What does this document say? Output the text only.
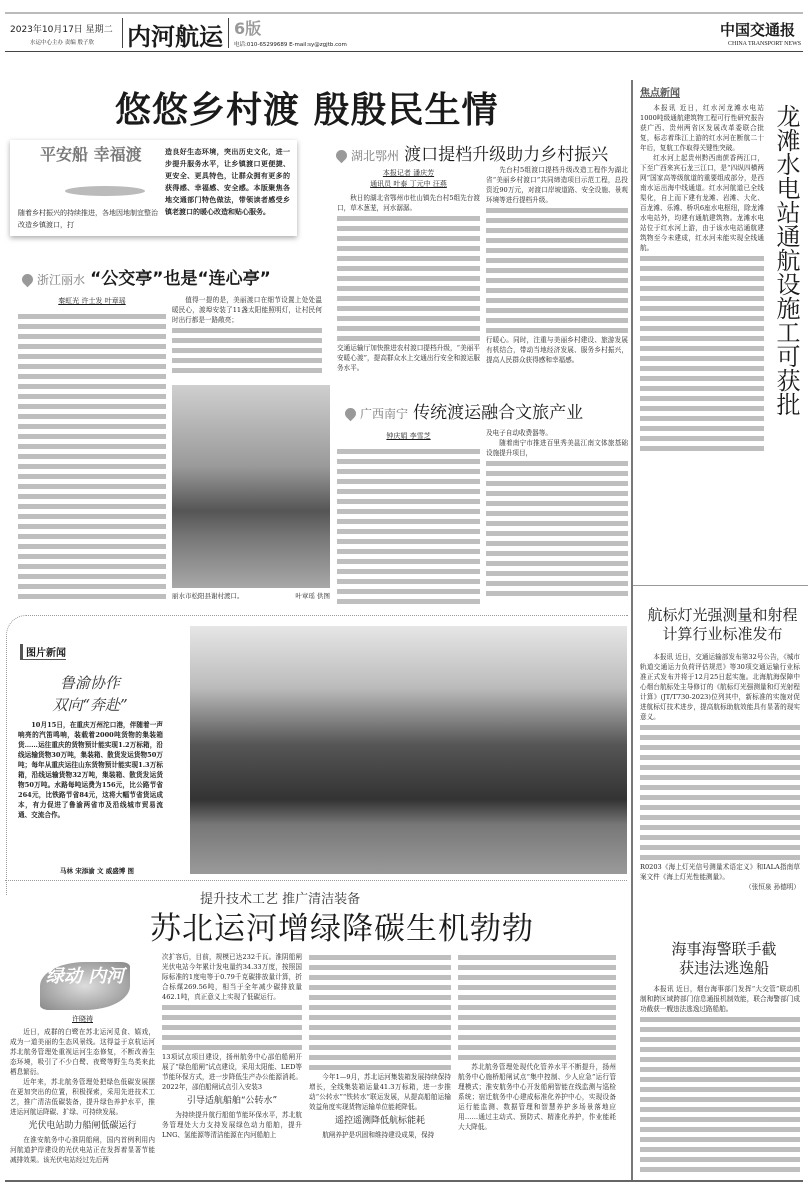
2023年10月17日 星期二
水运中心主办 责编 殷子欣 内河航运 6版
电话:010-65299689 E-mail:sy@zgjtb.com
中国交通报
CHINA TRANSPORT NEWS
悠悠乡村渡 殷殷民生情
平安船 幸福渡
随着乡村振兴的持续推进，各地因地制宜整治改造乡镇渡口，打
造良好生态环境，突出历史文化，进一步提升服务水平，让乡镇渡口更便捷、更安全、更具特色，让群众拥有更多的获得感、幸福感、安全感。本版聚焦各地交通部门特色做法，带领读者感受乡镇老渡口的暖心改造和贴心服务。
浙江丽水 “公交亭”也是“连心亭”
秦虹光 许士发 叶章瑶	值得一提的是，美丽渡口在细节设置上处处温暖民心，渡埠安装了11盏太阳能照明灯，让村民何时出行都是一路敞亮；

丽水市松阳县谢村渡口。	叶章瑶 供图
湖北鄂州 渡口提档升级助力乡村振兴
本报记者 潘庆芳
通讯员 叶泰 丁元中 汪燕

秋日的湖北省鄂州市杜山镇先台村5组先台渡口，草木葱茏，河水潺潺。

交通运输厅加快推进农村渡口提档升级，“美丽平安暖心渡”，提高群众水上交通出行安全和渡运服务水平。

先台村5组渡口提档升级改造工程作为湖北省“美丽乡村渡口”共同缔造项目示范工程，总投资近90万元，对渡口岸坡道路、安全设施、景观环境等进行提档升级。

行暖心。同时，注重与美丽乡村建设、旅游发展有机结合，带动当地经济发展、服务乡村振兴，提高人民群众获得感和幸福感。

广西南宁 传统渡运融合文旅产业
钟庆娟 李雪芝	及电子自动收费器等。

随着南宁市推进百里秀美邕江南文体旅基础设施提升项目，

图片新闻
鲁渝协作
双向“奔赴”

10月15日，在重庆万州沱口港，伴随着一声响亮的汽笛鸣响，装载着2000吨货物的集装箱货……运往重庆的货物预计能实现1.2万标箱，沿线运输货物30万吨，集装箱、散货发运货物50万吨；每年从重庆运往山东货物预计能实现1.3万标箱，沿线运输货物32万吨，集装箱、散货发运货物50万吨。水路每吨运费为156元，比公路节省264元，比铁路节省84元，这将大幅节省货运成本，有力促进了鲁渝两省市及沿线城市贸易流通、交流合作。

马林 宋添渝 文 威盛博 图
提升技术工艺 推广清洁装备
苏北运河增绿降碳生机勃勃
绿动 内河
许晓祷

近日，成群的白鹭在苏北运河觅食、嬉戏，成为一道美丽的生态风景线。这得益于京杭运河苏北航务管理处重视运河生态修复，不断改善生态环境，吸引了不少白鹭、夜鹭等野生鸟类来此栖息繁衍。

近年来，苏北航务管理处把绿色低碳发展摆在更加突出的位置，积极探索，采用先进技术工艺，推广清洁低碳装备，提升绿色养护水平，推进运河航运降碳、扩绿、可持续发展。

光伏电站助力船闸低碳运行

在淮安航务中心淮阴船闸，国内首例利用内河航道护岸建设的光伏电站正在发挥着显著节能减排效果。该光伏电站经过先后两

次扩容后，目前，规模已达232千瓦。淮阴船闸光伏电站今年累计发电量约34.33万度，按照国际标准的1度电等于0.79千克碳排放量计算，折合标煤269.56吨，相当于全年减少碳排放量462.1吨，真正意义上实现了低碳运行。

13项试点项目建设，扬州航务中心邵伯船闸开展了“绿色船闸”试点建设，采用太阳能、LED等节能环保方式，进一步降低生产办公能源消耗。2022年，邵伯船闸试点引入安装3

引导适航船舶“公转水”

为持续提升航行船舶节能环保水平，苏北航务管理处大力支持发展绿色动力船舶，提升LNG、氢能源等清洁能源在内河船舶上

今年1—9月，苏北运河集装箱发展持续保持增长，全线集装箱运量41.3万标箱，进一步推动“公转水”“铁转水”联运发展，从提高船舶运输效益角度实现货物运输单位能耗降低。

遥控遥测降低航标能耗

航闸养护是巩固和维持建设成果，保持

苏北航务管理处现代化管养水平不断提升，扬州航务中心施桥船闸试点“集中控制、少人应急”运行管理模式；淮安航务中心开发船闸智能在线监测与巡检系统；宿迁航务中心建成标准化养护中心，实现设备运行能监测、数据管理和智慧养护多场景落地应用……通过主动式、预防式、精准化养护，作业能耗大大降低。

焦点新闻

本报讯 近日，红水河龙滩水电站1000吨级通航建筑物工程可行性研究报告获广西、贵州两省区发展改革委联合批复，标志着珠江上游的红水河在断航二十年后，复航工作取得关键性突破。

红水河上起贵州黔西南蔗香两江口，下至广西来宾石龙三江口，是“四纵四横两网”国家高等级航道的重要组成部分，是西南水运出海中线通道。红水河航道已全线渠化，自上而下建有龙滩、岩滩、大化、百龙滩、乐滩、桥巩6座水电枢纽，除龙滩水电站外，均建有通航建筑物。龙滩水电站位于红水河上游，由于该水电站通航建筑物至今未建成，红水河未能实现全线通航。	龙滩水电站通航设施工可获批
航标灯光强测量和射程计算行业标准发布

本报讯 近日，交通运输部发布第32号公告，《城市轨道交通运力负荷评估规范》等30项交通运输行业标准正式发布并将于12月25日起实施。北海航海保障中心烟台航标处主导修订的《航标灯光强测量和灯光射程计算》(JT/T730-2023)位列其中，新标准的实施对促进航标灯技术进步，提高航标助航效能具有显著的现实意义。

R0203《海上灯光信号测量术语定义》和IALA指南草案文件《海上灯光性能测量》。

（张恒泉 孙德明）
海事海警联手截获违法逃逸船

本报讯 近日，烟台海事部门发挥“大交管”联动机制和跨区域跨部门信息通报机制效能，联合海警部门成功截获一艘违法逃逸过路船舶。
